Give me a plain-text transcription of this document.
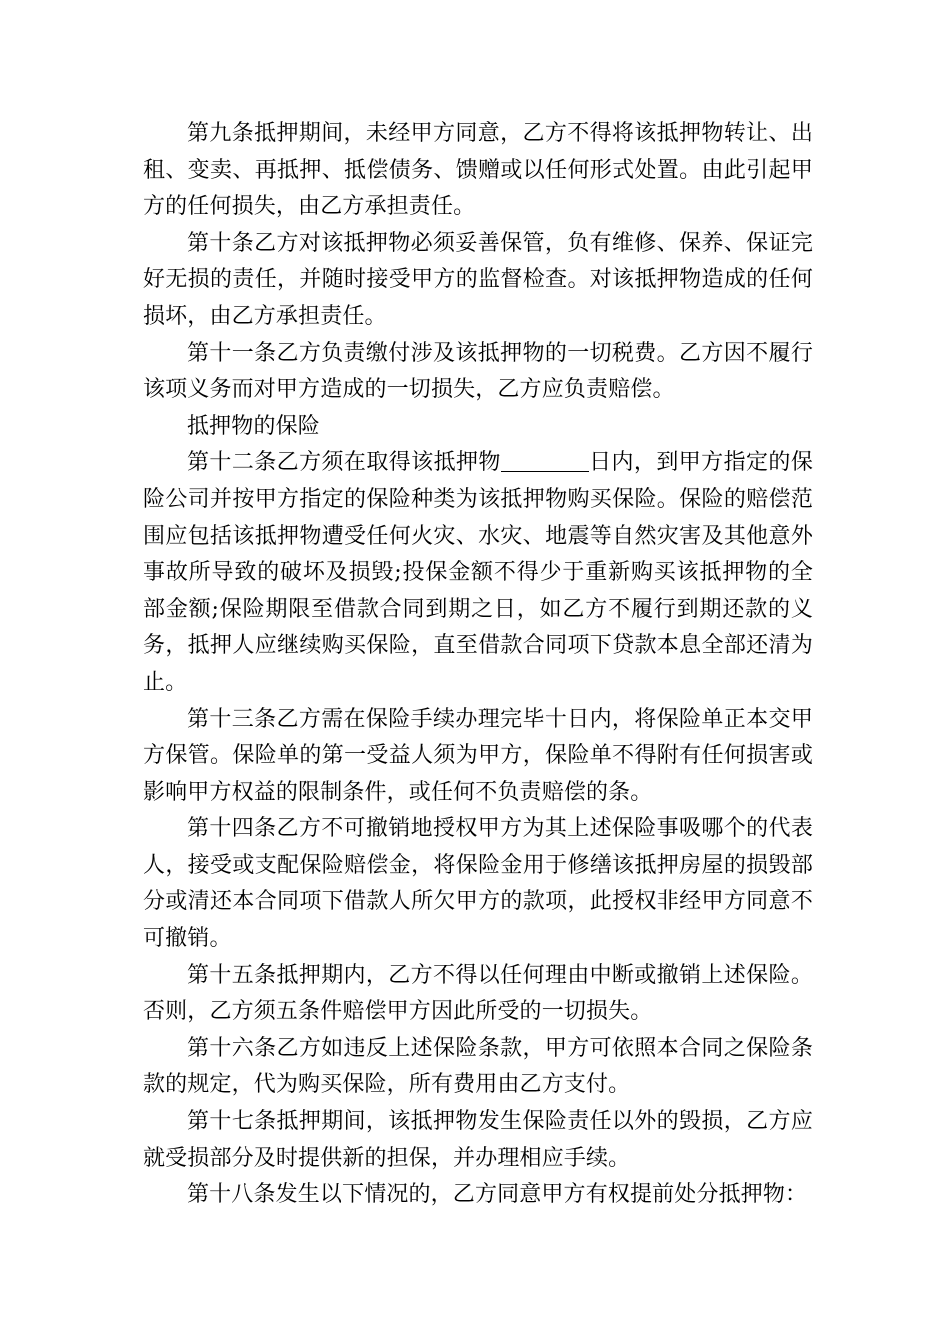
第九条抵押期间，未经甲方同意，乙方不得将该抵押物转让、出租、变卖、再抵押、抵偿债务、馈赠或以任何形式处置。由此引起甲方的任何损失，由乙方承担责任。

第十条乙方对该抵押物必须妥善保管，负有维修、保养、保证完好无损的责任，并随时接受甲方的监督检查。对该抵押物造成的任何损坏，由乙方承担责任。

第十一条乙方负责缴付涉及该抵押物的一切税费。乙方因不履行该项义务而对甲方造成的一切损失，乙方应负责赔偿。

抵押物的保险

第十二条乙方须在取得该抵押物	日内，到甲方指定的保险公司并按甲方指定的保险种类为该抵押物购买保险。保险的赔偿范围应包括该抵押物遭受任何火灾、水灾、地震等自然灾害及其他意外事故所导致的破坏及损毁;投保金额不得少于重新购买该抵押物的全部金额;保险期限至借款合同到期之日，如乙方不履行到期还款的义务，抵押人应继续购买保险，直至借款合同项下贷款本息全部还清为止。

第十三条乙方需在保险手续办理完毕十日内，将保险单正本交甲方保管。保险单的第一受益人须为甲方，保险单不得附有任何损害或影响甲方权益的限制条件，或任何不负责赔偿的条。

第十四条乙方不可撤销地授权甲方为其上述保险事吸哪个的代表人，接受或支配保险赔偿金，将保险金用于修缮该抵押房屋的损毁部分或清还本合同项下借款人所欠甲方的款项，此授权非经甲方同意不可撤销。

第十五条抵押期内，乙方不得以任何理由中断或撤销上述保险。否则，乙方须五条件赔偿甲方因此所受的一切损失。

第十六条乙方如违反上述保险条款，甲方可依照本合同之保险条款的规定，代为购买保险，所有费用由乙方支付。

第十七条抵押期间，该抵押物发生保险责任以外的毁损，乙方应就受损部分及时提供新的担保，并办理相应手续。

第十八条发生以下情况的，乙方同意甲方有权提前处分抵押物：
